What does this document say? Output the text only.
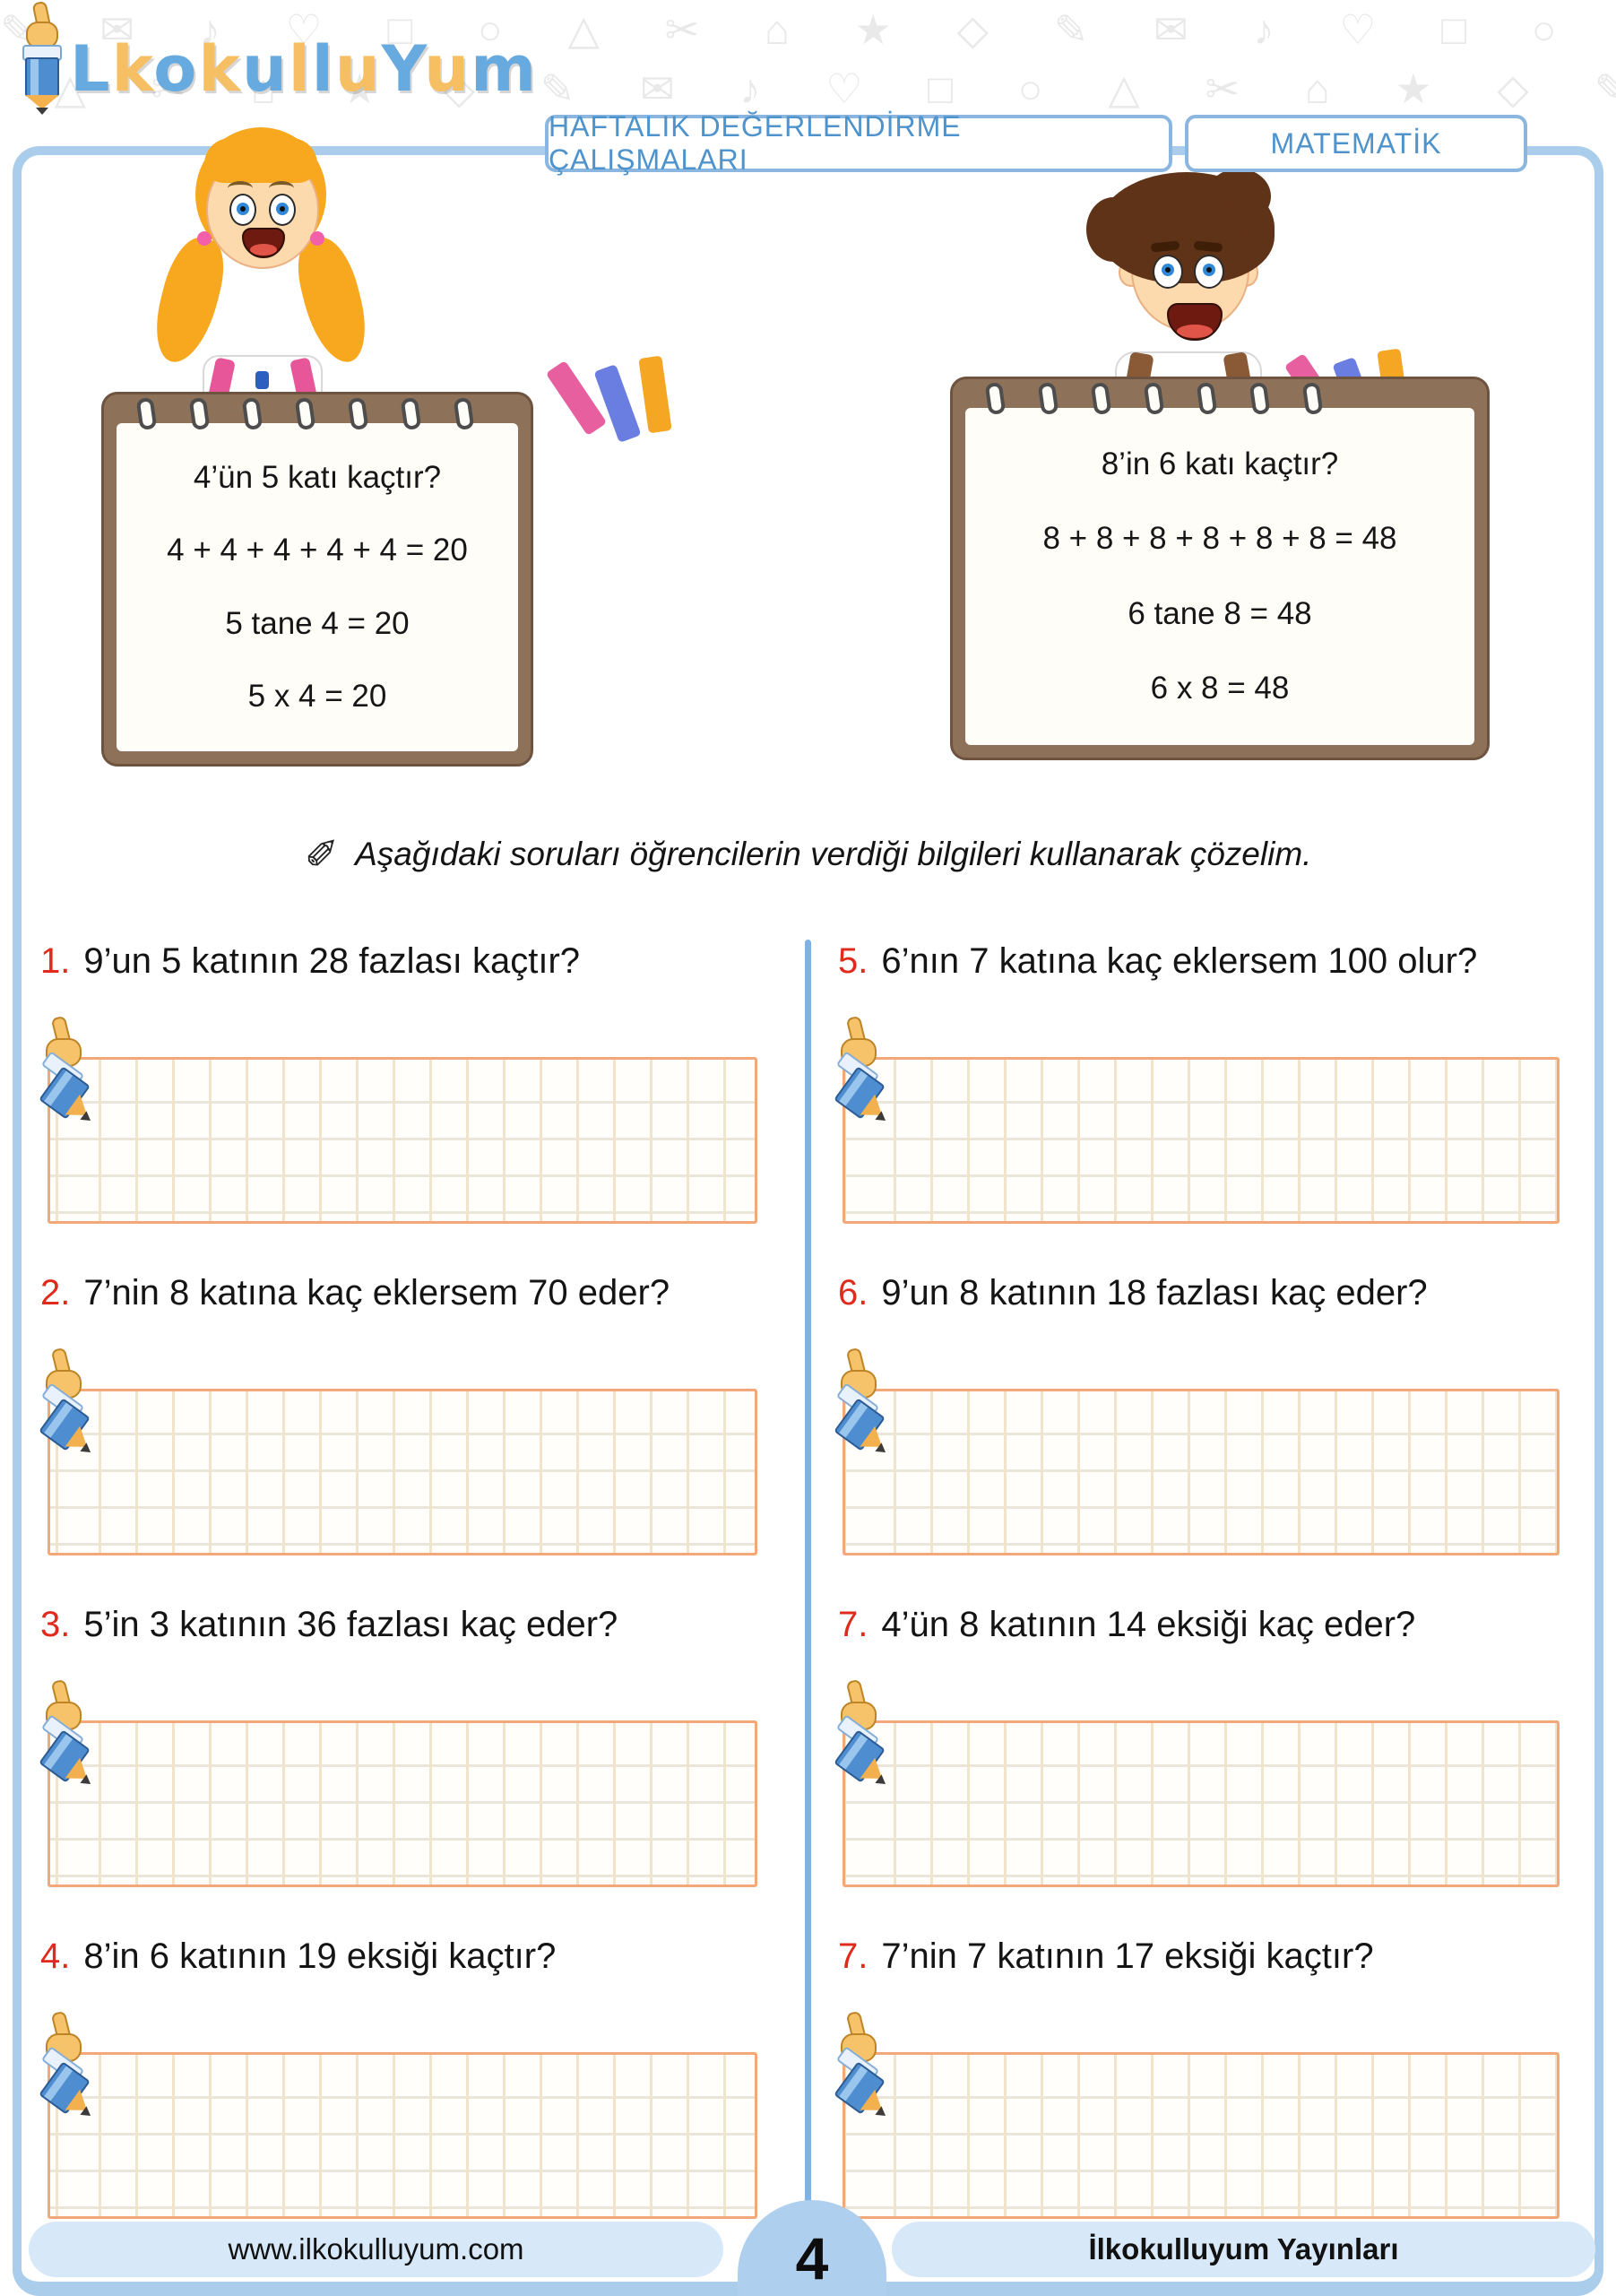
✎ ✉ ♪ ♡ □ ○ △ ✂ ⌂ ★ ◇ ✎ ✉ ♪ ♡ □ ○ △ ✂ ⌂ ★ ◇ ✎ ✉ ♪ ♡ □ ○ △ ✂ ⌂ ★ ◇ ○ △ ✂ ⌂ ★ ◇ ✎ ✉ ♪ ♡ □ ○ △ ✂ ⌂ ★ ◇ ✎ ✉ ♪ ♡ □ ○ △ ✂ ⌂ ★ ◇ ✎ ✉ ♪ ♡
LkokulluYum
HAFTALIK DEĞERLENDİRME ÇALIŞMALARI
MATEMATİK
4’ün 5 katı kaçtır?
4 + 4 + 4 + 4 + 4 = 20
5 tane 4 = 20
5 x 4 = 20
8’in 6 katı kaçtır?
8 + 8 + 8 + 8 + 8 + 8 = 48
6 tane 8 = 48
6 x 8 = 48
✐
Aşağıdaki soruları öğrencilerin verdiği bilgileri kullanarak çözelim.
1. 9’un 5 katının 28 fazlası kaçtır?
2. 7’nin 8 katına kaç eklersem 70 eder?
3. 5’in 3 katının 36 fazlası kaç eder?
4. 8’in 6 katının 19 eksiği kaçtır?
5. 6’nın 7 katına kaç eklersem 100 olur?
6. 9’un 8 katının 18 fazlası kaç eder?
7. 4’ün 8 katının 14 eksiği kaç eder?
7. 7’nin 7 katının 17 eksiği kaçtır?
www.ilkokulluyum.com	4	İlkokulluyum Yayınları
